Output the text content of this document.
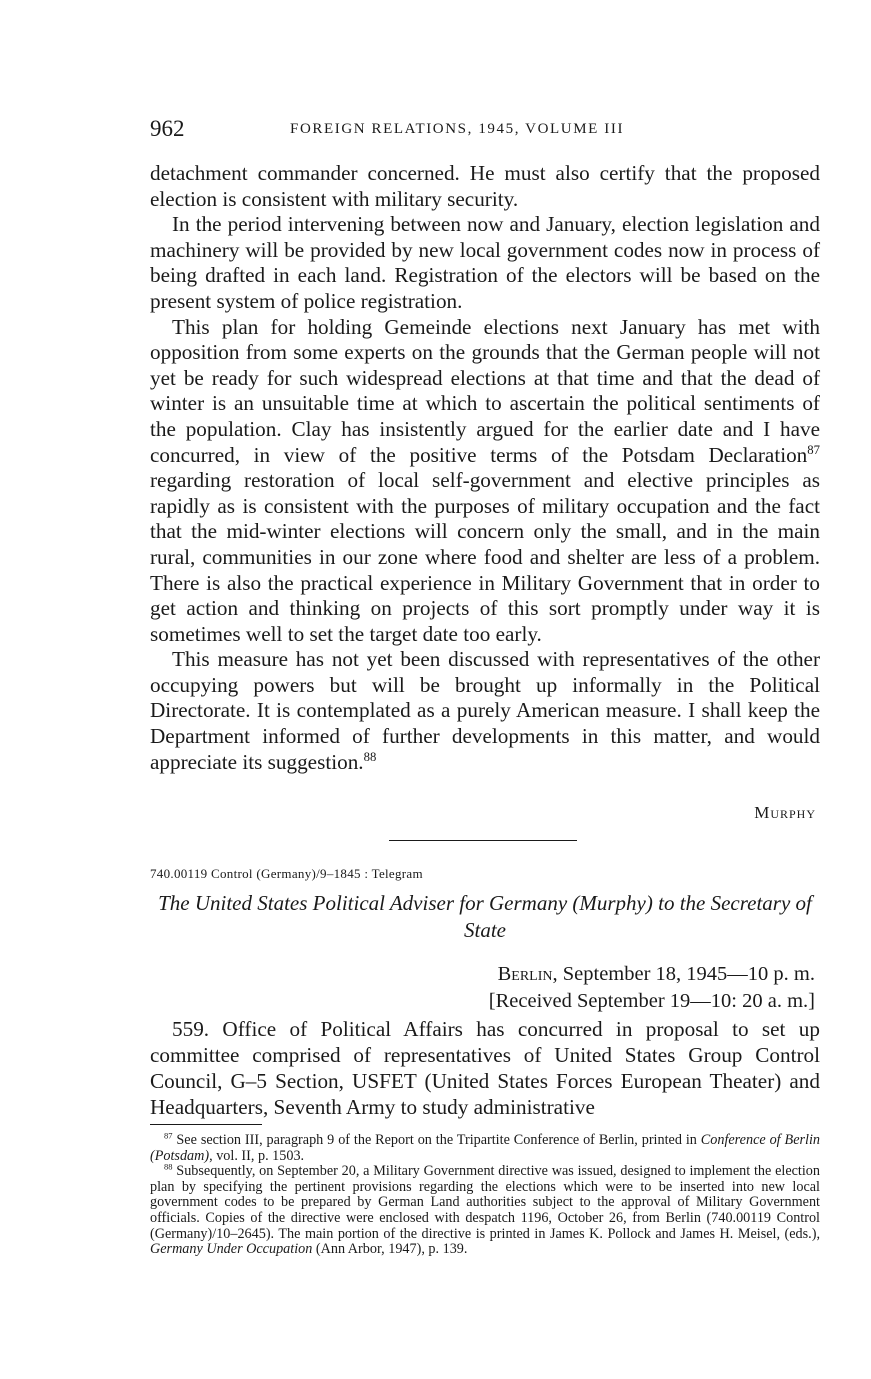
962	FOREIGN RELATIONS, 1945, VOLUME III

detachment commander concerned. He must also certify that the proposed election is consistent with military security.

In the period intervening between now and January, election legislation and machinery will be provided by new local government codes now in process of being drafted in each land. Registration of the electors will be based on the present system of police registration.

This plan for holding Gemeinde elections next January has met with opposition from some experts on the grounds that the German people will not yet be ready for such widespread elections at that time and that the dead of winter is an unsuitable time at which to ascertain the political sentiments of the population. Clay has insistently argued for the earlier date and I have concurred, in view of the positive terms of the Potsdam Declaration$^{87}$ regarding restoration of local self-government and elective principles as rapidly as is consistent with the purposes of military occupation and the fact that the mid-winter elections will concern only the small, and in the main rural, communities in our zone where food and shelter are less of a problem. There is also the practical experience in Military Government that in order to get action and thinking on projects of this sort promptly under way it is sometimes well to set the target date too early.

This measure has not yet been discussed with representatives of the other occupying powers but will be brought up informally in the Political Directorate. It is contemplated as a purely American measure. I shall keep the Department informed of further developments in this matter, and would appreciate its suggestion.$^{88}$

Murphy
740.00119 Control (Germany)/9–1845 : Telegram
The United States Political Adviser for Germany (Murphy) to the Secretary of State
Berlin, September 18, 1945—10 p. m.
[Received September 19—10: 20 a. m.]

559. Office of Political Affairs has concurred in proposal to set up committee comprised of representatives of United States Group Control Council, G–5 Section, USFET (United States Forces European Theater) and Headquarters, Seventh Army to study administrative

$^{87}$ See section III, paragraph 9 of the Report on the Tripartite Conference of Berlin, printed in Conference of Berlin (Potsdam), vol. II, p. 1503.

$^{88}$ Subsequently, on September 20, a Military Government directive was issued, designed to implement the election plan by specifying the pertinent provisions regarding the elections which were to be inserted into new local government codes to be prepared by German Land authorities subject to the approval of Military Government officials. Copies of the directive were enclosed with despatch 1196, October 26, from Berlin (740.00119 Control (Germany)/10–2645). The main portion of the directive is printed in James K. Pollock and James H. Meisel, (eds.), Germany Under Occupation (Ann Arbor, 1947), p. 139.
